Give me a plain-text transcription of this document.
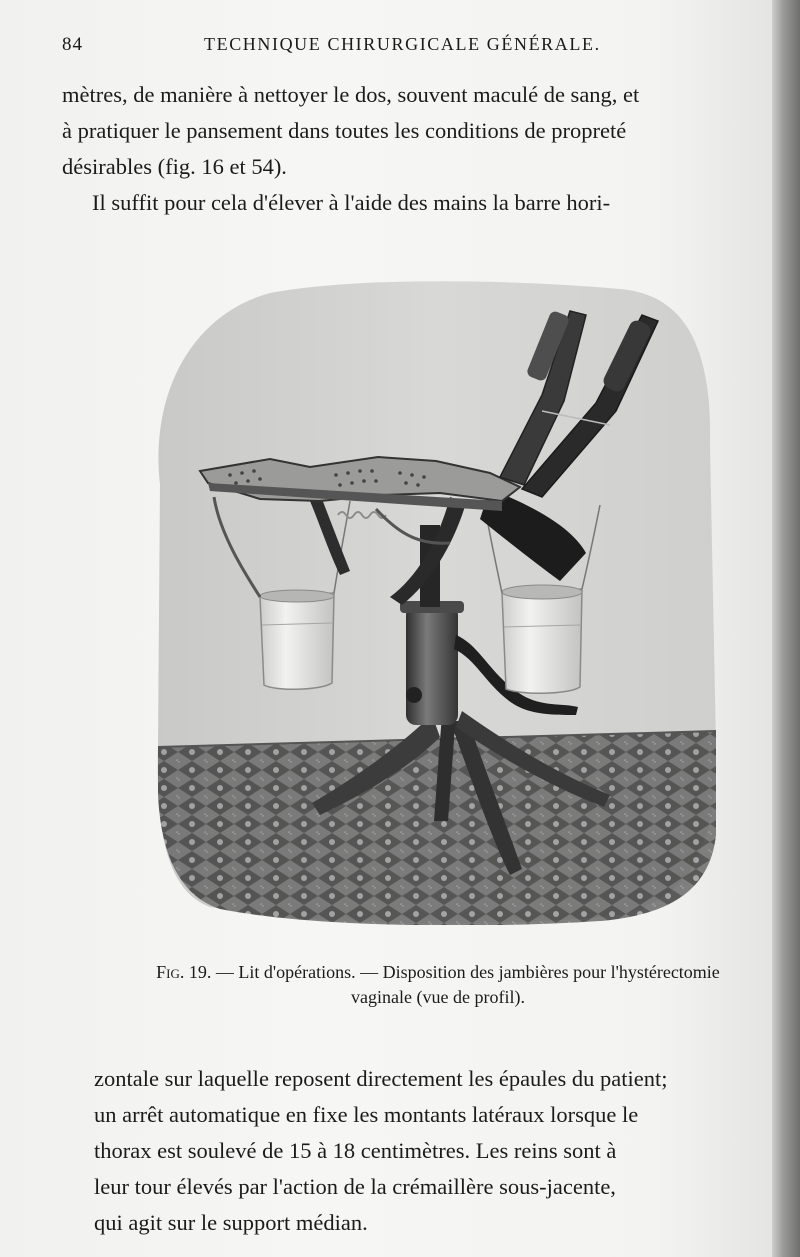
84	TECHNIQUE CHIRURGICALE GÉNÉRALE.

mètres, de manière à nettoyer le dos, souvent maculé de sang, et
à pratiquer le pansement dans toutes les conditions de propreté
désirables (fig. 16 et 54).
Il suffit pour cela d'élever à l'aide des mains la barre hori-

Fig. 19. — Lit d'opérations. — Disposition des jambières pour l'hystérectomie
vaginale (vue de profil).

zontale sur laquelle reposent directement les épaules du patient;
un arrêt automatique en fixe les montants latéraux lorsque le
thorax est soulevé de 15 à 18 centimètres. Les reins sont à
leur tour élevés par l'action de la crémaillère sous-jacente,
qui agit sur le support médian.
